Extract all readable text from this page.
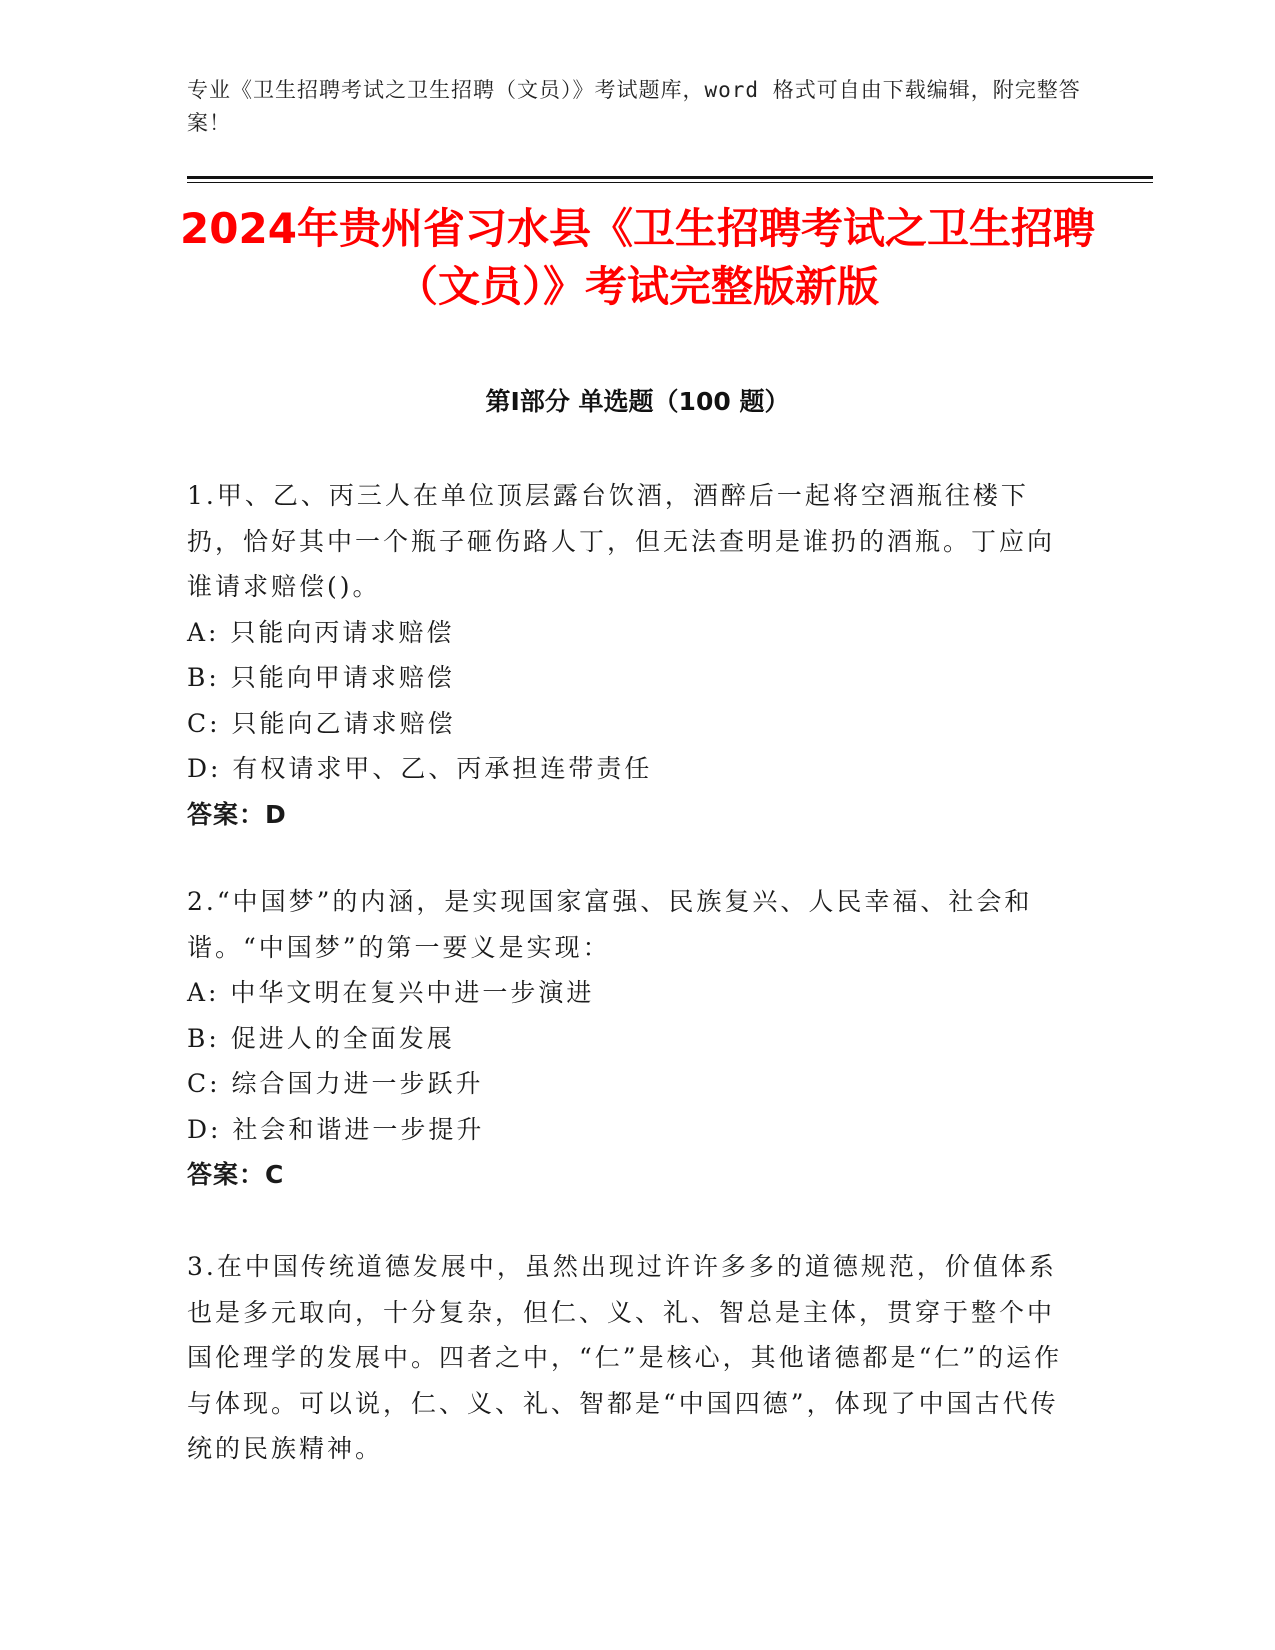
专业《卫生招聘考试之卫生招聘（文员）》考试题库，word 格式可自由下载编辑，附完整答案！
2024年贵州省习水县《卫生招聘考试之卫生招聘（文员）》考试完整版新版
第Ⅰ部分 单选题（100 题）

1.甲、乙、丙三人在单位顶层露台饮酒，酒醉后一起将空酒瓶往楼下扔，恰好其中一个瓶子砸伤路人丁，但无法查明是谁扔的酒瓶。丁应向谁请求赔偿()。

A: 只能向丙请求赔偿

B: 只能向甲请求赔偿

C: 只能向乙请求赔偿

D: 有权请求甲、乙、丙承担连带责任

答案：D

2.“中国梦”的内涵，是实现国家富强、民族复兴、人民幸福、社会和谐。“中国梦”的第一要义是实现：

A: 中华文明在复兴中进一步演进

B: 促进人的全面发展

C: 综合国力进一步跃升

D: 社会和谐进一步提升

答案：C

3.在中国传统道德发展中，虽然出现过许许多多的道德规范，价值体系也是多元取向，十分复杂，但仁、义、礼、智总是主体，贯穿于整个中国伦理学的发展中。四者之中，“仁”是核心，其他诸德都是“仁”的运作与体现。可以说，仁、义、礼、智都是“中国四德”，体现了中国古代传统的民族精神。
